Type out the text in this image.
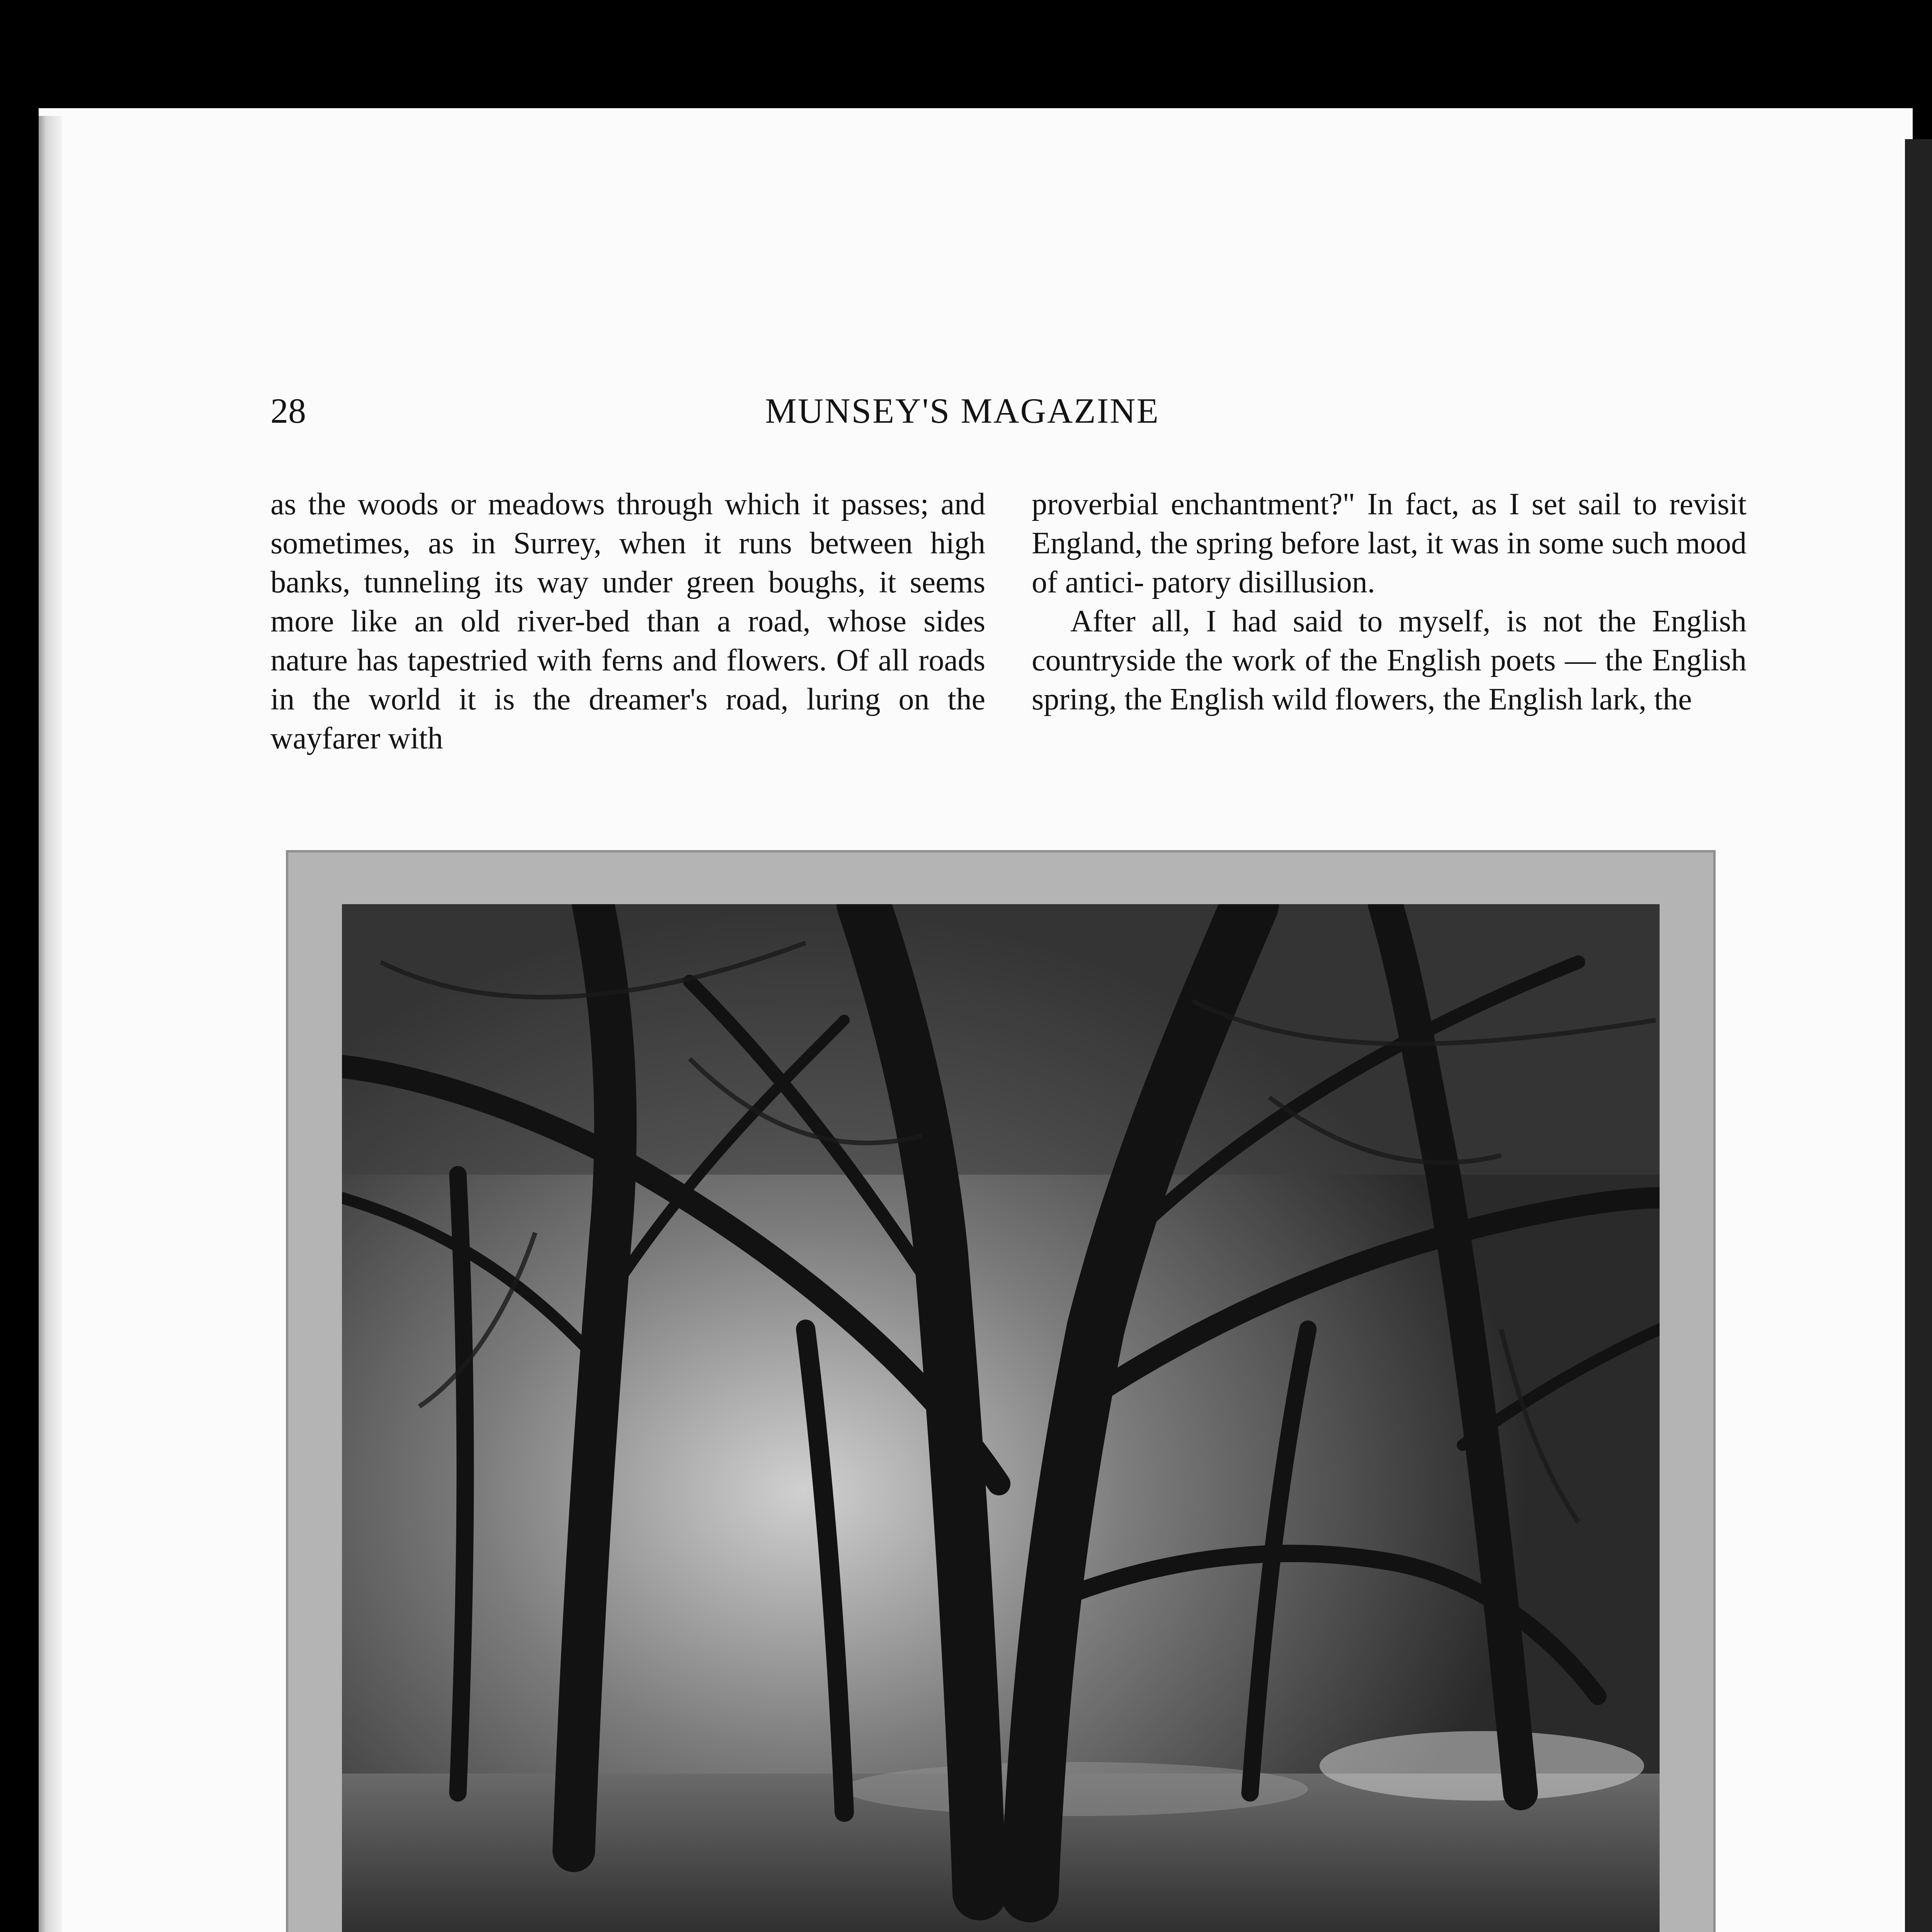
28	MUNSEY'S MAGAZINE

as the woods or meadows through which it passes; and sometimes, as in Surrey, when it runs between high banks, tunneling its way under green boughs, it seems more like an old river-bed than a road, whose sides nature has tapestried with ferns and flowers. Of all roads in the world it is the dreamer's road, luring on the wayfarer with

proverbial enchantment?" In fact, as I set sail to revisit England, the spring before last, it was in some such mood of antici- patory disillusion.

After all, I had said to myself, is not the English countryside the work of the English poets — the English spring, the English wild flowers, the English lark, the
